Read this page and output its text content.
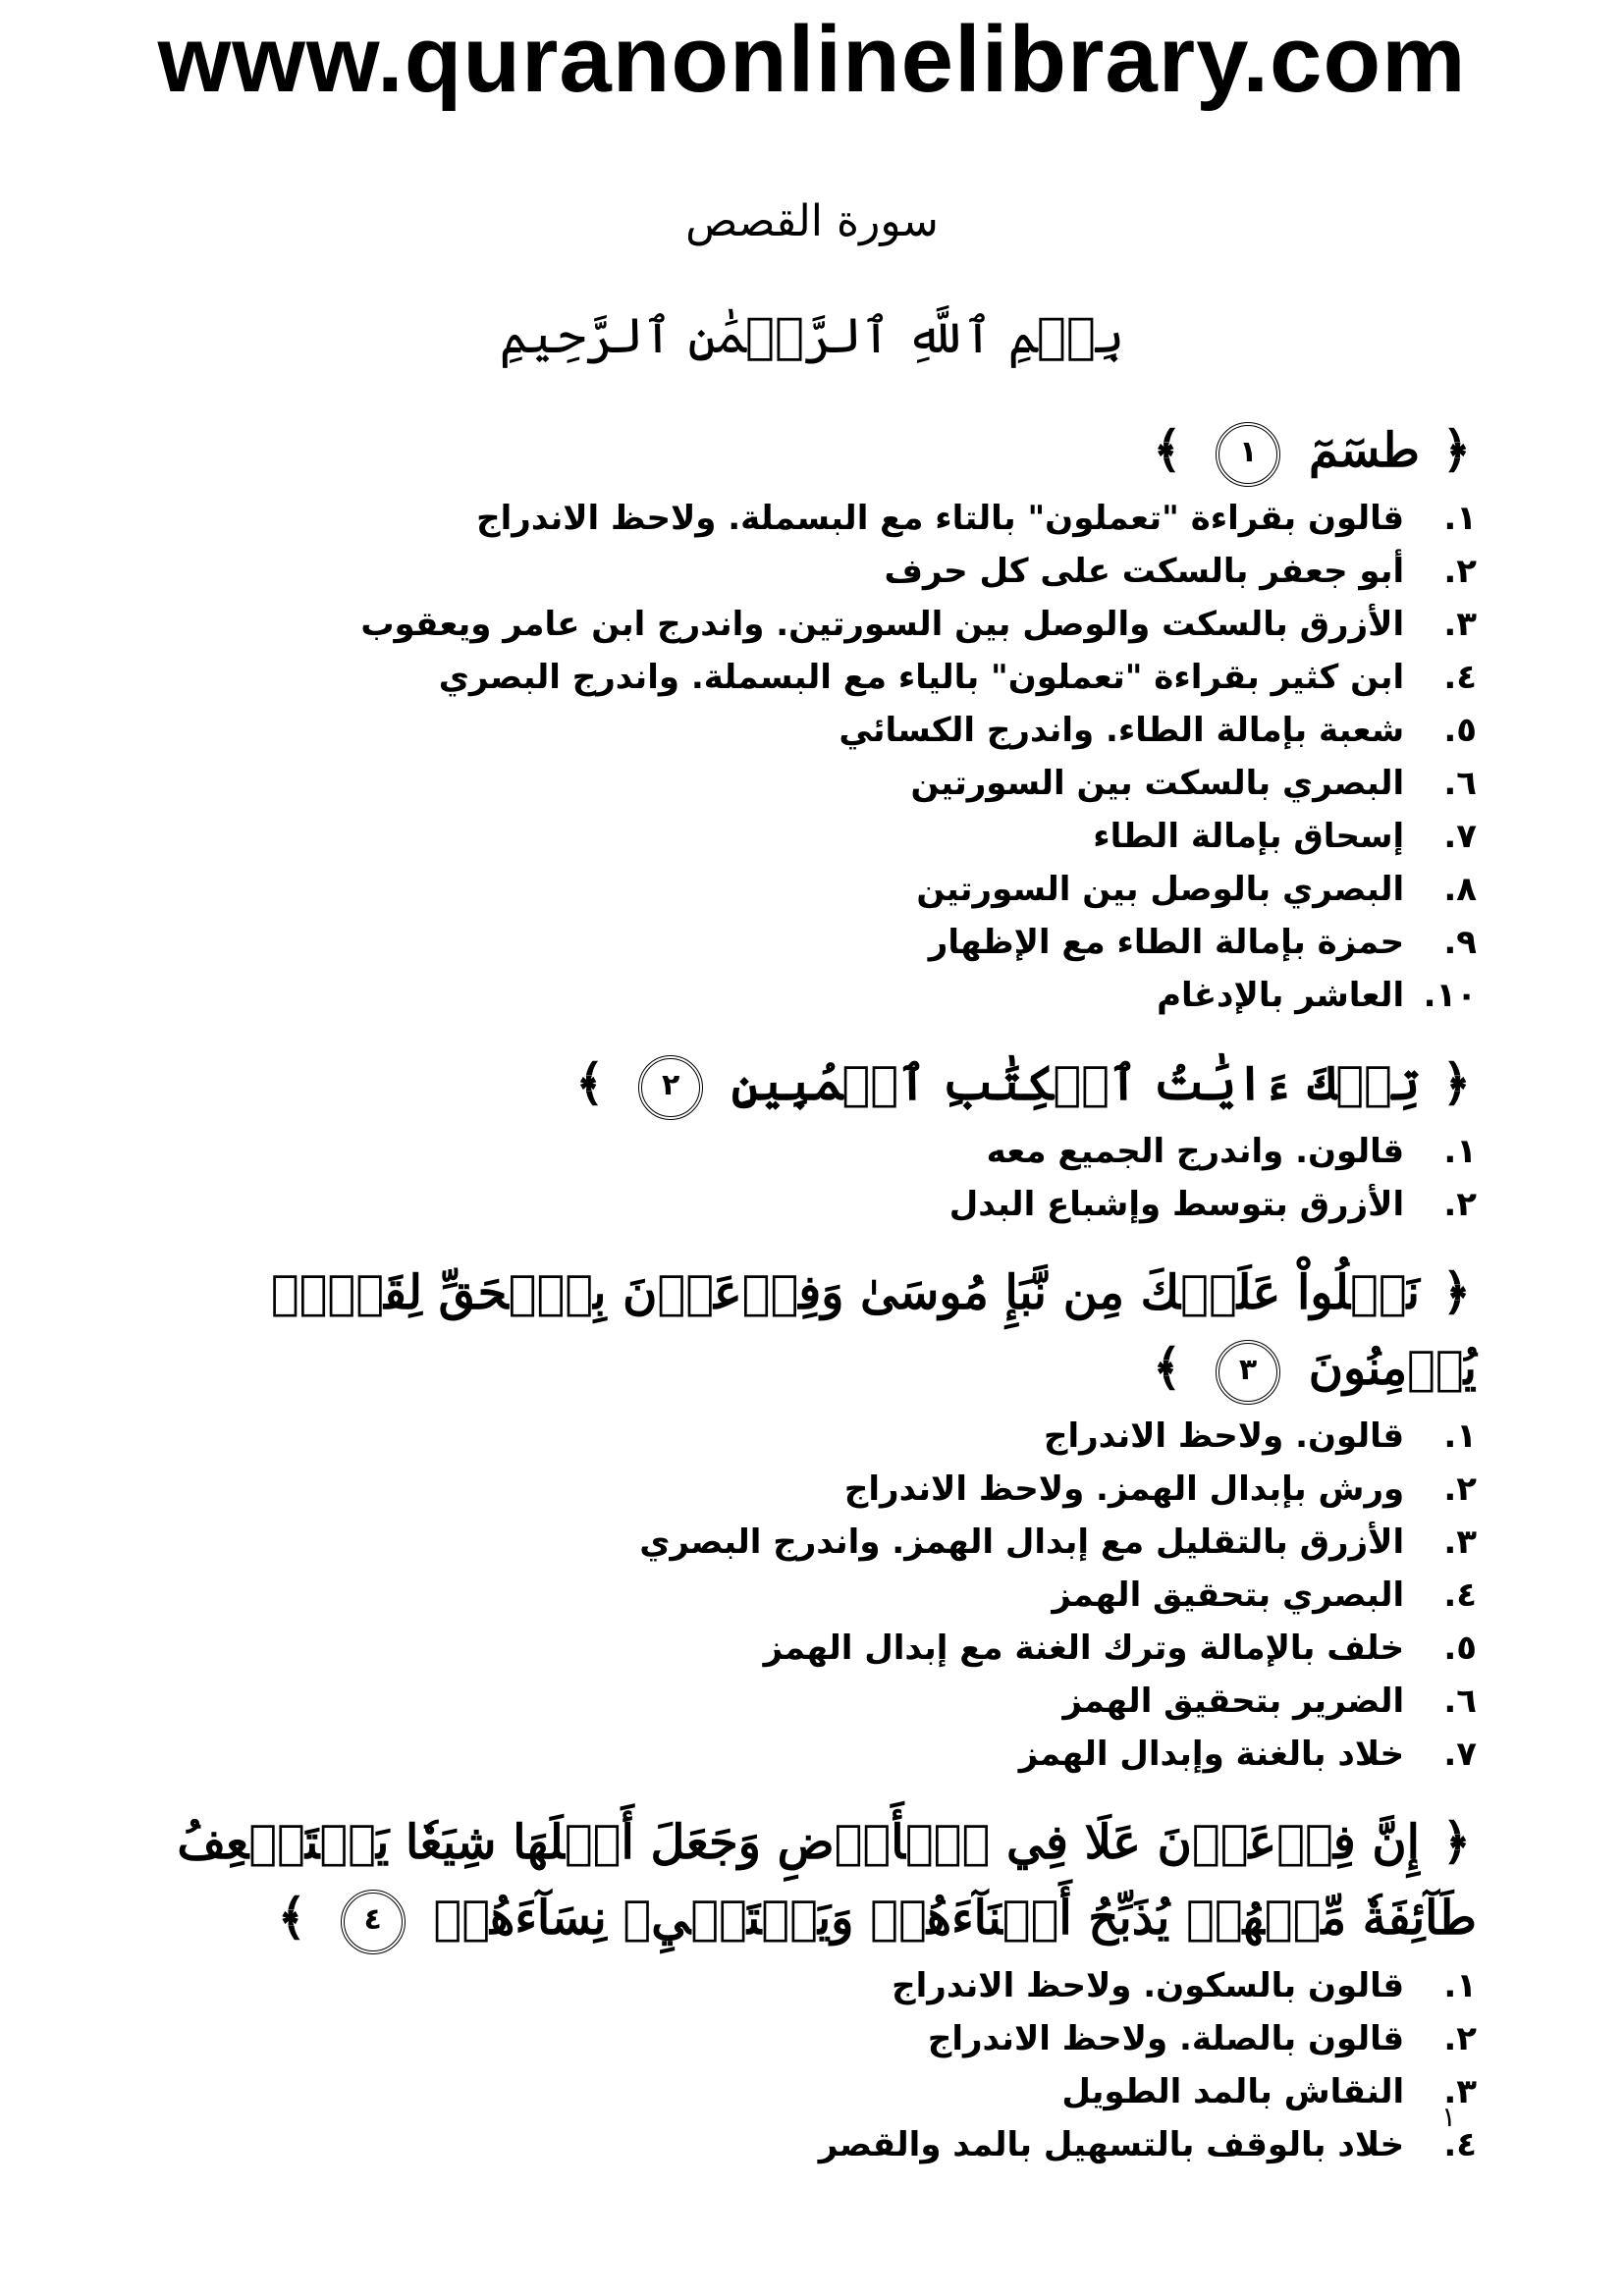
www.quranonlinelibrary.com
سورة القصص
بِسۡمِ ٱللَّهِ ٱلرَّحۡمَٰنِ ٱلرَّحِيمِ
﴿ طسٓمٓ ١ ﴾
١. قالون بقراءة "تعملون" بالتاء مع البسملة. ولاحظ الاندراج
٢. أبو جعفر بالسكت على كل حرف
٣. الأزرق بالسكت والوصل بين السورتين. واندرج ابن عامر ويعقوب
٤. ابن كثير بقراءة "تعملون" بالياء مع البسملة. واندرج البصري
٥. شعبة بإمالة الطاء. واندرج الكسائي
٦. البصري بالسكت بين السورتين
٧. إسحاق بإمالة الطاء
٨. البصري بالوصل بين السورتين
٩. حمزة بإمالة الطاء مع الإظهار
١٠. العاشر بالإدغام
﴿ تِلۡكَ ءَايَٰتُ ٱلۡكِتَٰبِ ٱلۡمُبِينِ ٢ ﴾
١. قالون. واندرج الجميع معه
٢. الأزرق بتوسط وإشباع البدل
﴿ نَتۡلُواْ عَلَيۡكَ مِن نَّبَإِ مُوسَىٰ وَفِرۡعَوۡنَ بِٱلۡحَقِّ لِقَوۡمٖ يُؤۡمِنُونَ ٣ ﴾
١. قالون. ولاحظ الاندراج
٢. ورش بإبدال الهمز. ولاحظ الاندراج
٣. الأزرق بالتقليل مع إبدال الهمز. واندرج البصري
٤. البصري بتحقيق الهمز
٥. خلف بالإمالة وترك الغنة مع إبدال الهمز
٦. الضرير بتحقيق الهمز
٧. خلاد بالغنة وإبدال الهمز
﴿ إِنَّ فِرۡعَوۡنَ عَلَا فِي ٱلۡأَرۡضِ وَجَعَلَ أَهۡلَهَا شِيَعٗا يَسۡتَضۡعِفُ طَآئِفَةٗ مِّنۡهُمۡ يُذَبِّحُ أَبۡنَآءَهُمۡ وَيَسۡتَحۡيِۦ نِسَآءَهُمۡ ٤ ﴾
١. قالون بالسكون. ولاحظ الاندراج
٢. قالون بالصلة. ولاحظ الاندراج
٣. النقاش بالمد الطويل
٤. خلاد بالوقف بالتسهيل بالمد والقصر
١
